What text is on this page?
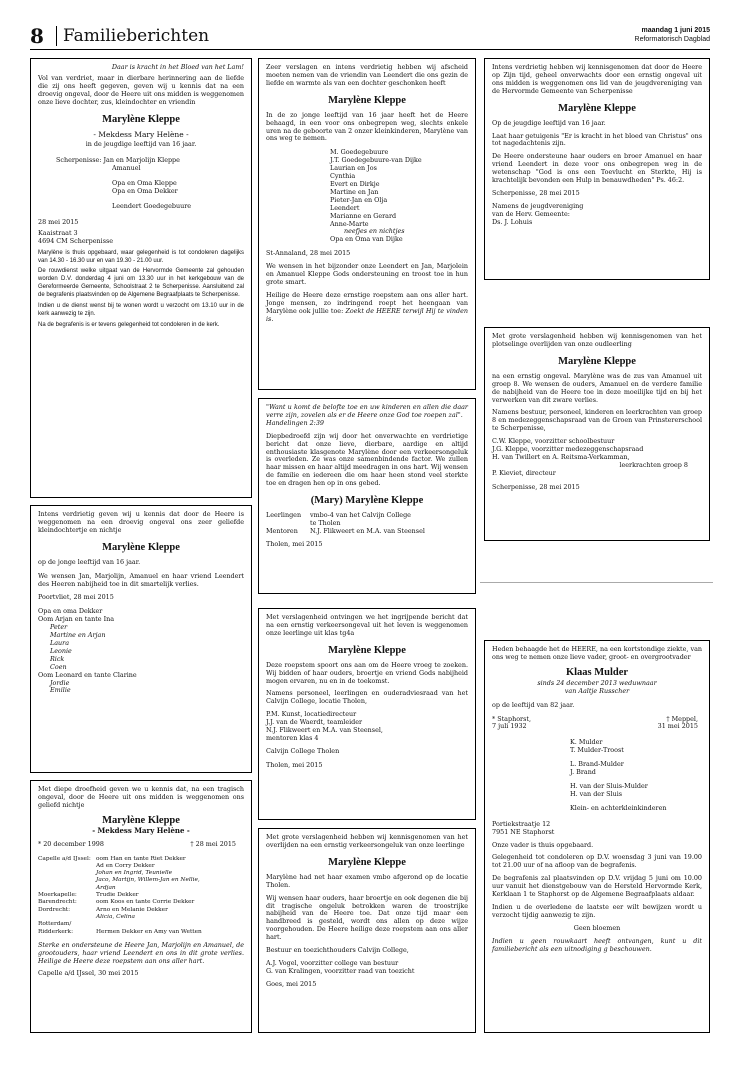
8	Familieberichten	maandag 1 juni 2015
Reformatorisch Dagblad

Daar is kracht in het Bloed van het Lam!

Vol van verdriet, maar in dierbare herinnering aan de liefde die zij ons heeft gegeven, geven wij u kennis dat na een droevig ongeval, door de Heere uit ons midden is weggenomen onze lieve dochter, zus, kleindochter en vriendin

Marylène Kleppe

- Mekdess Mary Helène -

in de jeugdige leeftijd van 16 jaar.

Scherpenisse: Jan en Marjolijn Kleppe
Amanuel
Opa en Oma Kleppe
Opa en Oma Dekker
Leendert Goedegebuure

28 mei 2015

Kaaistraat 3
4694 CM Scherpenisse

Marylène is thuis opgebaard, waar gelegenheid is tot condoleren dagelijks van 14.30 - 16.30 uur en van 19.30 - 21.00 uur.

De rouwdienst welke uitgaat van de Hervormde Gemeente zal gehouden worden D.V. donderdag 4 juni om 13.30 uur in het kerkgebouw van de Gereformeerde Gemeente, Schoolstraat 2 te Scherpenisse. Aansluitend zal de begrafenis plaatsvinden op de Algemene Begraafplaats te Scherpenisse.

Indien u de dienst wenst bij te wonen wordt u verzocht om 13.10 uur in de kerk aanwezig te zijn.

Na de begrafenis is er tevens gelegenheid tot condoleren in de kerk.

Intens verdrietig geven wij u kennis dat door de Heere is weggenomen na een droevig ongeval ons zeer geliefde kleindochtertje en nichtje

Marylène Kleppe

op de jonge leeftijd van 16 jaar.

We wensen Jan, Marjolijn, Amanuel en haar vriend Leendert des Heeren nabijheid toe in dit smartelijk verlies.

Poortvliet, 28 mei 2015

Opa en oma Dekker
Oom Arjan en tante Ina
Peter
Martine en Arjan
Laura
Leonie
Rick
Coen
Oom Leonard en tante Clarine
Jordie
Emilie

Met diepe droefheid geven we u kennis dat, na een tragisch ongeval, door de Heere uit ons midden is weggenomen ons geliefd nichtje

Marylène Kleppe

- Mekdess Mary Helène -

* 20 december 1998	† 28 mei 2015
Capelle a/d IJssel: oom Han en tante Riet Dekker
Ad en Corry Dekker
Johan en Ingrid, Teunielle
Jaco, Martijn, Willem-Jan en Nellie,
Ardjan
Moerkapelle:	Trudie Dekker
Barendrecht:	oom Koos en tante Corrie Dekker
Dordrecht:	Arno en Melanie Dekker
Alicia, Celina
Rotterdam/
Ridderkerk:	Hermen Dekker en Amy van Wetten

Sterke en ondersteune de Heere Jan, Marjolijn en Amanuel, de grootouders, haar vriend Leendert en ons in dit grote verlies. Heilige de Heere deze roepstem aan ons aller hart.

Capelle a/d IJssel, 30 mei 2015

Zeer verslagen en intens verdrietig hebben wij afscheid moeten nemen van de vriendin van Leendert die ons gezin de liefde en warmte als van een dochter geschonken heeft

Marylène Kleppe

In de zo jonge leeftijd van 16 jaar heeft het de Heere behaagd, in een voor ons onbegrepen weg, slechts enkele uren na de geboorte van 2 onzer kleinkinderen, Marylène van ons weg te nemen.

M. Goedegebuure
J.T. Goedegebuure-van Dijke
Laurian en Jos
Cynthia
Evert en Dirkje
Martine en Jan
Pieter-Jan en Olja
Leendert
Marianne en Gerard
Anne-Marte
neefjes en nichtjes
Opa en Oma van Dijke

St-Annaland, 28 mei 2015

We wensen in het bijzonder onze Leendert en Jan, Marjolein en Amanuel Kleppe Gods ondersteuning en troost toe in hun grote smart.

Heilige de Heere deze ernstige roepstem aan ons aller hart. Jonge mensen, zo indringend roept het heengaan van Marylène ook jullie toe: Zoekt de HEERE terwijl Hij te vinden is.

"Want u komt de belofte toe en uw kinderen en allen die daar verre zijn, zovelen als er de Heere onze God toe roepen zal".

Handelingen 2:39

Diepbedroefd zijn wij door het onverwachte en verdrietige bericht dat onze lieve, dierbare, aardige en altijd enthousiaste klasgenote Marylène door een verkeersongeluk is overleden. Ze was onze samenbindende factor. We zullen haar missen en haar altijd meedragen in ons hart. Wij wensen de familie en iedereen die om haar heen stond veel sterkte toe en dragen hen op in ons gebed.

(Mary) Marylène Kleppe
Leerlingen	vmbo-4 van het Calvijn College
te Tholen
Mentoren	N.J. Flikweert en M.A. van Steensel

Tholen, mei 2015

Met verslagenheid ontvingen we het ingrijpende bericht dat na een ernstig verkeersongeval uit het leven is weggenomen onze leerlinge uit klas tg4a

Marylène Kleppe

Deze roepstem spoort ons aan om de Heere vroeg te zoeken. Wij bidden of haar ouders, broertje en vriend Gods nabijheid mogen ervaren, nu en in de toekomst.

Namens personeel, leerlingen en ouderadviesraad van het Calvijn College, locatie Tholen,

P.M. Kunst, locatiedirecteur
J.J. van de Waerdt, teamleider
N.J. Flikweert en M.A. van Steensel,
mentoren klas 4

Calvijn College Tholen

Tholen, mei 2015

Met grote verslagenheid hebben wij kennisgenomen van het overlijden na een ernstig verkeersongeluk van onze leerlinge

Marylène Kleppe

Marylène had net haar examen vmbo afgerond op de locatie Tholen.

Wij wensen haar ouders, haar broertje en ook degenen die bij dit tragische ongeluk betrokken waren de troostrijke nabijheid van de Heere toe. Dat onze tijd maar een handbreed is gesteld, wordt ons allen op deze wijze voorgehouden. De Heere heilige deze roepstem aan ons aller hart.

Bestuur en toezichthouders Calvijn College,

A.J. Vogel, voorzitter college van bestuur
G. van Kralingen, voorzitter raad van toezicht

Goes, mei 2015

Intens verdrietig hebben wij kennisgenomen dat door de Heere op Zijn tijd, geheel onverwachts door een ernstig ongeval uit ons midden is weggenomen ons lid van de jeugdvereniging van de Hervormde Gemeente van Scherpenisse

Marylène Kleppe

Op de jeugdige leeftijd van 16 jaar.

Laat haar getuigenis "Er is kracht in het bloed van Christus" ons tot nagedachtenis zijn.

De Heere ondersteune haar ouders en broer Amanuel en haar vriend Leendert in deze voor ons onbegrepen weg in de wetenschap "God is ons een Toevlucht en Sterkte, Hij is krachtelijk bevonden een Hulp in benauwdheden" Ps. 46:2.

Scherpenisse, 28 mei 2015

Namens de jeugdvereniging
van de Herv. Gemeente:
Ds. J. Lohuis

Met grote verslagenheid hebben wij kennisgenomen van het plotselinge overlijden van onze oudleerling

Marylène Kleppe

na een ernstig ongeval. Marylène was de zus van Amanuel uit groep 8. We wensen de ouders, Amanuel en de verdere familie de nabijheid van de Heere toe in deze moeilijke tijd en bij het verwerken van dit zware verlies.

Namens bestuur, personeel, kinderen en leerkrachten van groep 8 en medezeggenschapsraad van de Groen van Prinstererschool te Scherpenisse,

C.W. Kleppe, voorzitter schoolbestuur
J.G. Kleppe, voorzitter medezeggenschapsraad
H. van Twillert en A. Reitsma-Verkamman,
leerkrachten groep 8
P. Kieviet, directeur

Scherpenisse, 28 mei 2015

Heden behaagde het de HEERE, na een kortstondige ziekte, van ons weg te nemen onze lieve vader, groot- en overgrootvader

Klaas Mulder

sinds 24 december 2013 weduwnaar
van Aaltje Russcher

op de leeftijd van 82 jaar.

* Staphorst,
7 juli 1932
† Meppel,
31 mei 2015
K. Mulder
T. Mulder-Troost
L. Brand-Mulder
J. Brand
H. van der Sluis-Mulder
H. van der Sluis
Klein- en achterkleinkinderen
Portiekstraatje 12
7951 NE Staphorst

Onze vader is thuis opgebaard.

Gelegenheid tot condoleren op D.V. woensdag 3 juni van 19.00 tot 21.00 uur of na afloop van de begrafenis.

De begrafenis zal plaatsvinden op D.V. vrijdag 5 juni om 10.00 uur vanuit het dienstgebouw van de Hersteld Hervormde Kerk, Kerklaan 1 te Staphorst op de Algemene Begraafplaats aldaar.

Indien u de overledene de laatste eer wilt bewijzen wordt u verzocht tijdig aanwezig te zijn.

Geen bloemen

Indien u geen rouwkaart heeft ontvangen, kunt u dit familiebericht als een uitnodiging g beschouwen.
